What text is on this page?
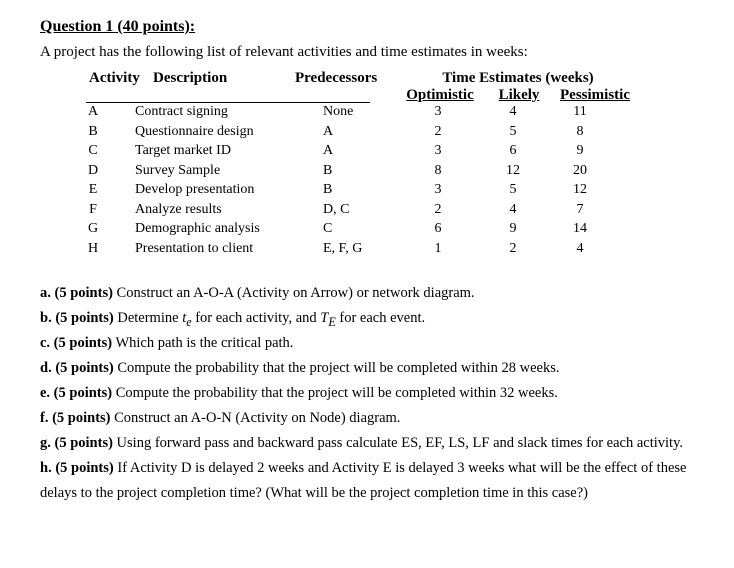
Question 1 (40 points):
A project has the following list of relevant activities and time estimates in weeks:
Activity Description	Predecessors	Time Estimates (weeks)
Optimistic Likely Pessimistic
A	Contract signing	None	3	4	11
B	Questionnaire design	A	2	5	8
C	Target market ID	A	3	6	9
D	Survey Sample	B	8	12	20
E	Develop presentation	B	3	5	12
F	Analyze results	D, C	2	4	7
G	Demographic analysis	C	6	9	14
H	Presentation to client	E, F, G	1	2	4
a. (5 points) Construct an A-O-A (Activity on Arrow) or network diagram.
b. (5 points) Determine $t_e$ for each activity, and $T_E$ for each event.
c. (5 points) Which path is the critical path.
d. (5 points) Compute the probability that the project will be completed within 28 weeks.
e. (5 points) Compute the probability that the project will be completed within 32 weeks.
f. (5 points) Construct an A-O-N (Activity on Node) diagram.
g. (5 points) Using forward pass and backward pass calculate ES, EF, LS, LF and slack times for each activity.
h. (5 points) If Activity D is delayed 2 weeks and Activity E is delayed 3 weeks what will be the effect of these
delays to the project completion time? (What will be the project completion time in this case?)
